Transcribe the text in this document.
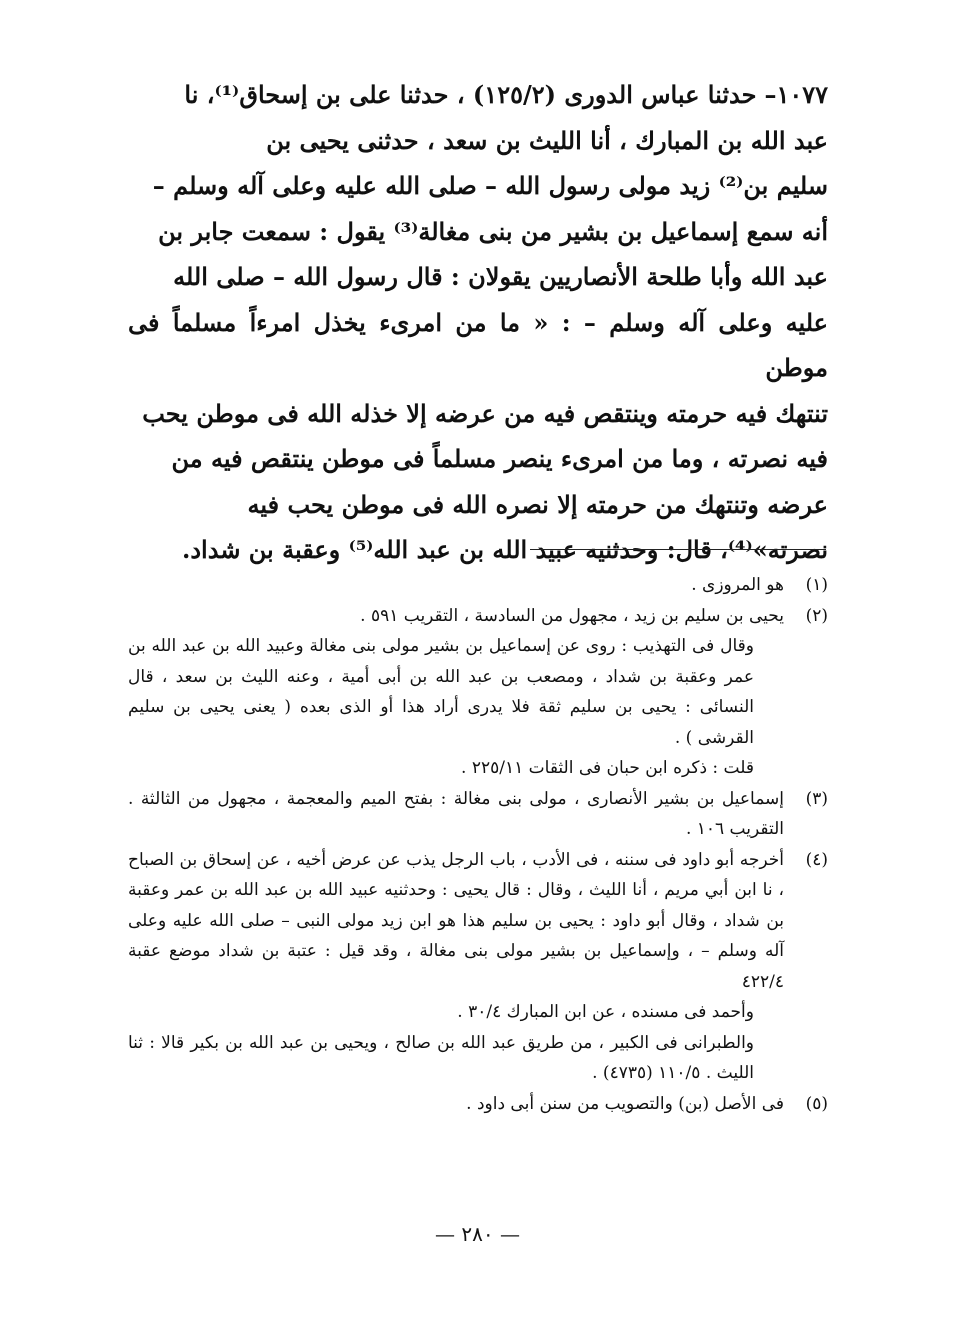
١٠٧٧–حدثنا عباس الدورى (١٢٥/٢) ، حدثنا على بن إسحاق⁽¹⁾، نا

عبد الله بن المبارك ، أنا الليث بن سعد ، حدثنى يحيى بن

سليم بن⁽²⁾ زيد مولى رسول الله – صلى الله عليه وعلى آله وسلم –

أنه سمع إسماعيل بن بشير من بنى مغالة⁽³⁾ يقول : سمعت جابر بن

عبد الله وأبا طلحة الأنصاريين يقولان : قال رسول الله – صلى الله

عليه وعلى آله وسلم – : « ما من امرىء يخذل امرءاً مسلماً فى موطن

تنتهك فيه حرمته وينتقص فيه من عرضه إلا خذله الله فى موطن يحب

فيه نصرته ، وما من امرىء ينصر مسلماً فى موطن ينتقص فيه من

عرضه وتنتهك من حرمته إلا نصره الله فى موطن يحب فيه

نصرته»⁽⁴⁾، قال: وحدثنيه عبيد الله بن عبد الله⁽⁵⁾ وعقبة بن شداد.

(١)

هو المروزى .

(٢)

يحيى بن سليم بن زيد ، مجهول من السادسة ، التقريب ٥٩١ .

وقال فى التهذيب : روى عن إسماعيل بن بشير مولى بنى مغالة وعبيد الله بن عبد الله بن عمر وعقبة بن شداد ، ومصعب بن عبد الله بن أبى أمية ، وعنه الليث بن سعد ، قال النسائى : يحيى بن سليم ثقة فلا يدرى أراد هذا أو الذى بعده ( يعنى يحيى بن سليم القرشى ) .

قلت : ذكره ابن حبان فى الثقات ٢٢٥/١١ .

(٣)

إسماعيل بن بشير الأنصارى ، مولى بنى مغالة : بفتح الميم والمعجمة ، مجهول من الثالثة . التقريب ١٠٦ .

(٤)

أخرجه أبو داود فى سننه ، فى الأدب ، باب الرجل يذب عن عرض أخيه ، عن إسحاق بن الصباح ، نا ابن أبي مريم ، أنا الليث ، وقال : قال يحيى : وحدثنيه عبيد الله بن عبد الله بن عمر وعقبة بن شداد ، وقال أبو داود : يحيى بن سليم هذا هو ابن زيد مولى النبى – صلى الله عليه وعلى آله وسلم – ، وإسماعيل بن بشير مولى بنى مغالة ، وقد قيل : عتبة بن شداد موضع عقبة ٤٢٢/٤

وأحمد فى مسنده ، عن ابن المبارك ٣٠/٤ .

والطبرانى فى الكبير ، من طريق عبد الله بن صالح ، ويحيى بن عبد الله بن بكير قالا : ثنا الليث . ١١٠/٥ (٤٧٣٥) .

(٥)

فى الأصل (بن) والتصويب من سنن أبى داود .

— ٢٨٠ —
